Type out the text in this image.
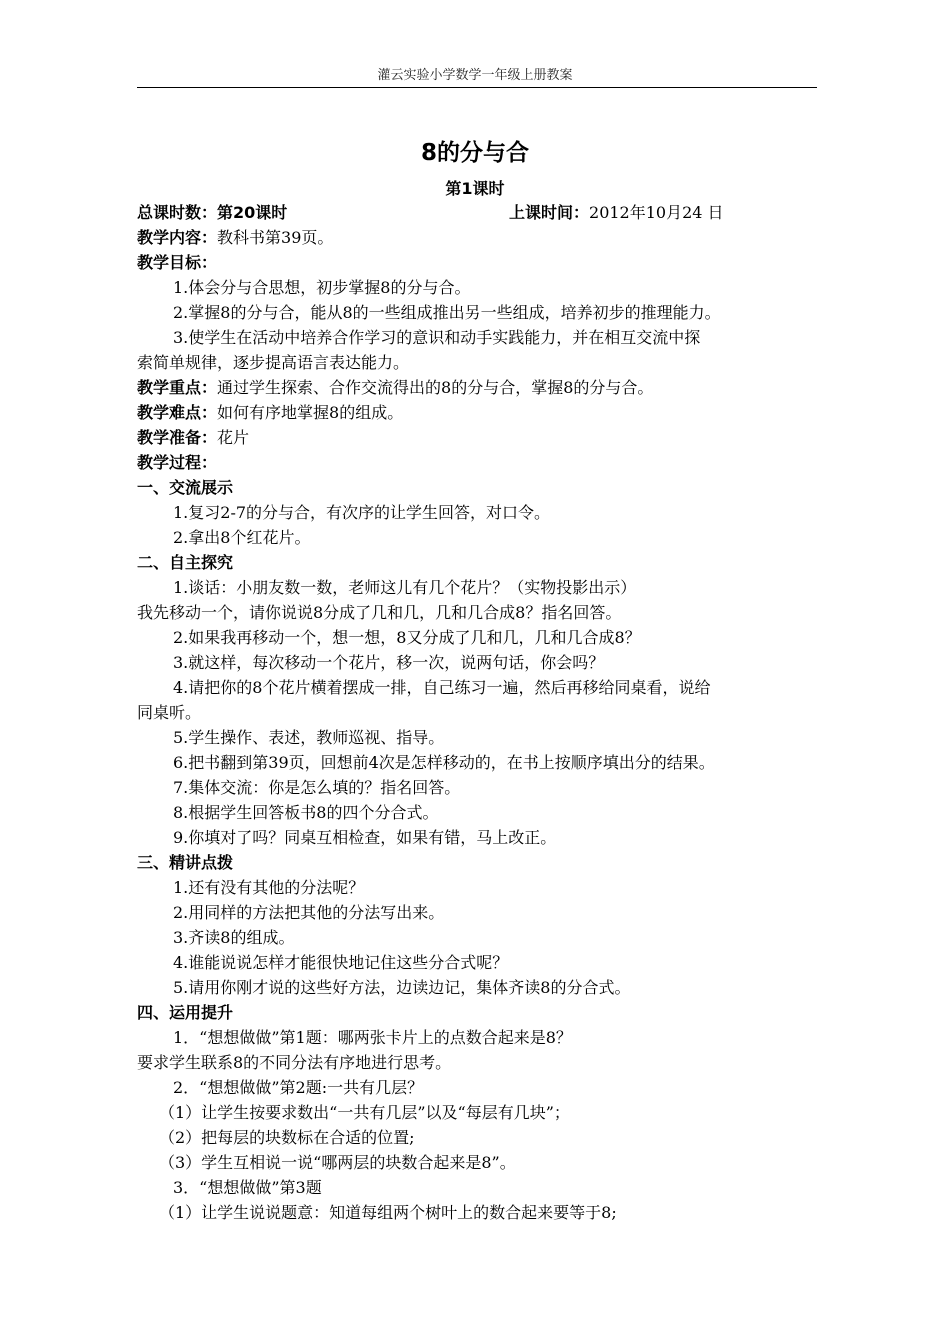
灌云实验小学数学一年级上册教案
8的分与合
第1课时
总课时数：第20课时	上课时间：2012年10月24 日
教学内容：教科书第39页。
教学目标：
1.体会分与合思想，初步掌握8的分与合。
2.掌握8的分与合，能从8的一些组成推出另一些组成，培养初步的推理能力。
3.使学生在活动中培养合作学习的意识和动手实践能力，并在相互交流中探
索简单规律，逐步提高语言表达能力。
教学重点：通过学生探索、合作交流得出的8的分与合，掌握8的分与合。
教学难点：如何有序地掌握8的组成。
教学准备：花片
教学过程：
一、交流展示
1.复习2-7的分与合，有次序的让学生回答，对口令。
2.拿出8个红花片。
二、自主探究
1.谈话：小朋友数一数，老师这儿有几个花片？（实物投影出示）
我先移动一个，请你说说8分成了几和几，几和几合成8？指名回答。
2.如果我再移动一个，想一想，8又分成了几和几，几和几合成8？
3.就这样，每次移动一个花片，移一次，说两句话，你会吗？
4.请把你的8个花片横着摆成一排，自己练习一遍，然后再移给同桌看，说给
同桌听。
5.学生操作、表述，教师巡视、指导。
6.把书翻到第39页，回想前4次是怎样移动的，在书上按顺序填出分的结果。
7.集体交流：你是怎么填的？指名回答。
8.根据学生回答板书8的四个分合式。
9.你填对了吗？同桌互相检查，如果有错，马上改正。
三、精讲点拨
1.还有没有其他的分法呢？
2.用同样的方法把其他的分法写出来。
3.齐读8的组成。
4.谁能说说怎样才能很快地记住这些分合式呢？
5.请用你刚才说的这些好方法，边读边记，集体齐读8的分合式。
四、运用提升
1．“想想做做”第1题：哪两张卡片上的点数合起来是8？
要求学生联系8的不同分法有序地进行思考。
2．“想想做做”第2题:一共有几层？
（1）让学生按要求数出“一共有几层”以及“每层有几块”；
（2）把每层的块数标在合适的位置;
（3）学生互相说一说“哪两层的块数合起来是8”。
3．“想想做做”第3题
（1）让学生说说题意：知道每组两个树叶上的数合起来要等于8;
